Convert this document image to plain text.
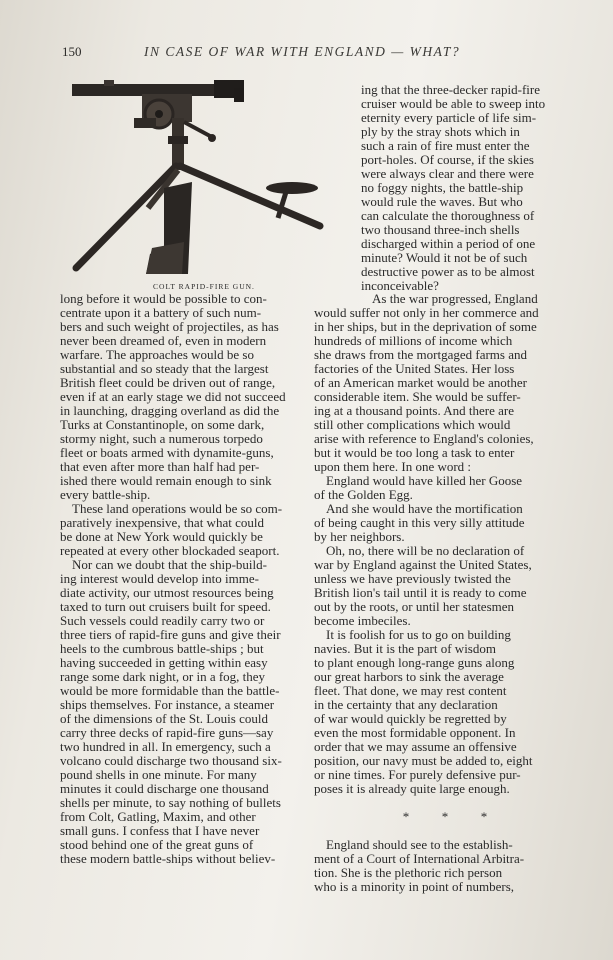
150	IN CASE OF WAR WITH ENGLAND — WHAT?
COLT RAPID-FIRE GUN.
ing that the three-decker rapid-fire
cruiser would be able to sweep into
eternity every particle of life sim-
ply by the stray shots which in
such a rain of fire must enter the
port-holes. Of course, if the skies
were always clear and there were
no foggy nights, the battle-ship
would rule the waves. But who
can calculate the thoroughness of
two thousand three-inch shells
discharged within a period of one
minute? Would it not be of such
destructive power as to be almost
inconceivable?
long before it would be possible to con-
centrate upon it a battery of such num-
bers and such weight of projectiles, as has
never been dreamed of, even in modern
warfare. The approaches would be so
substantial and so steady that the largest
British fleet could be driven out of range,
even if at an early stage we did not succeed
in launching, dragging overland as did the
Turks at Constantinople, on some dark,
stormy night, such a numerous torpedo
fleet or boats armed with dynamite-guns,
that even after more than half had per-
ished there would remain enough to sink
every battle-ship.
These land operations would be so com-
paratively inexpensive, that what could
be done at New York would quickly be
repeated at every other blockaded seaport.
Nor can we doubt that the ship-build-
ing interest would develop into imme-
diate activity, our utmost resources being
taxed to turn out cruisers built for speed.
Such vessels could readily carry two or
three tiers of rapid-fire guns and give their
heels to the cumbrous battle-ships ; but
having succeeded in getting within easy
range some dark night, or in a fog, they
would be more formidable than the battle-
ships themselves. For instance, a steamer
of the dimensions of the St. Louis could
carry three decks of rapid-fire guns—say
two hundred in all. In emergency, such a
volcano could discharge two thousand six-
pound shells in one minute. For many
minutes it could discharge one thousand
shells per minute, to say nothing of bullets
from Colt, Gatling, Maxim, and other
small guns. I confess that I have never
stood behind one of the great guns of
these modern battle-ships without believ-
As the war progressed, England
would suffer not only in her commerce and
in her ships, but in the deprivation of some
hundreds of millions of income which
she draws from the mortgaged farms and
factories of the United States. Her loss
of an American market would be another
considerable item. She would be suffer-
ing at a thousand points. And there are
still other complications which would
arise with reference to England's colonies,
but it would be too long a task to enter
upon them here. In one word :
England would have killed her Goose
of the Golden Egg.
And she would have the mortification
of being caught in this very silly attitude
by her neighbors.
Oh, no, there will be no declaration of
war by England against the United States,
unless we have previously twisted the
British lion's tail until it is ready to come
out by the roots, or until her statesmen
become imbeciles.
It is foolish for us to go on building
navies. But it is the part of wisdom
to plant enough long-range guns along
our great harbors to sink the average
fleet. That done, we may rest content
in the certainty that any declaration
of war would quickly be regretted by
even the most formidable opponent. In
order that we may assume an offensive
position, our navy must be added to, eight
or nine times. For purely defensive pur-
poses it is already quite large enough.
*          *          *
England should see to the establish-
ment of a Court of International Arbitra-
tion. She is the plethoric rich person
who is a minority in point of numbers,
